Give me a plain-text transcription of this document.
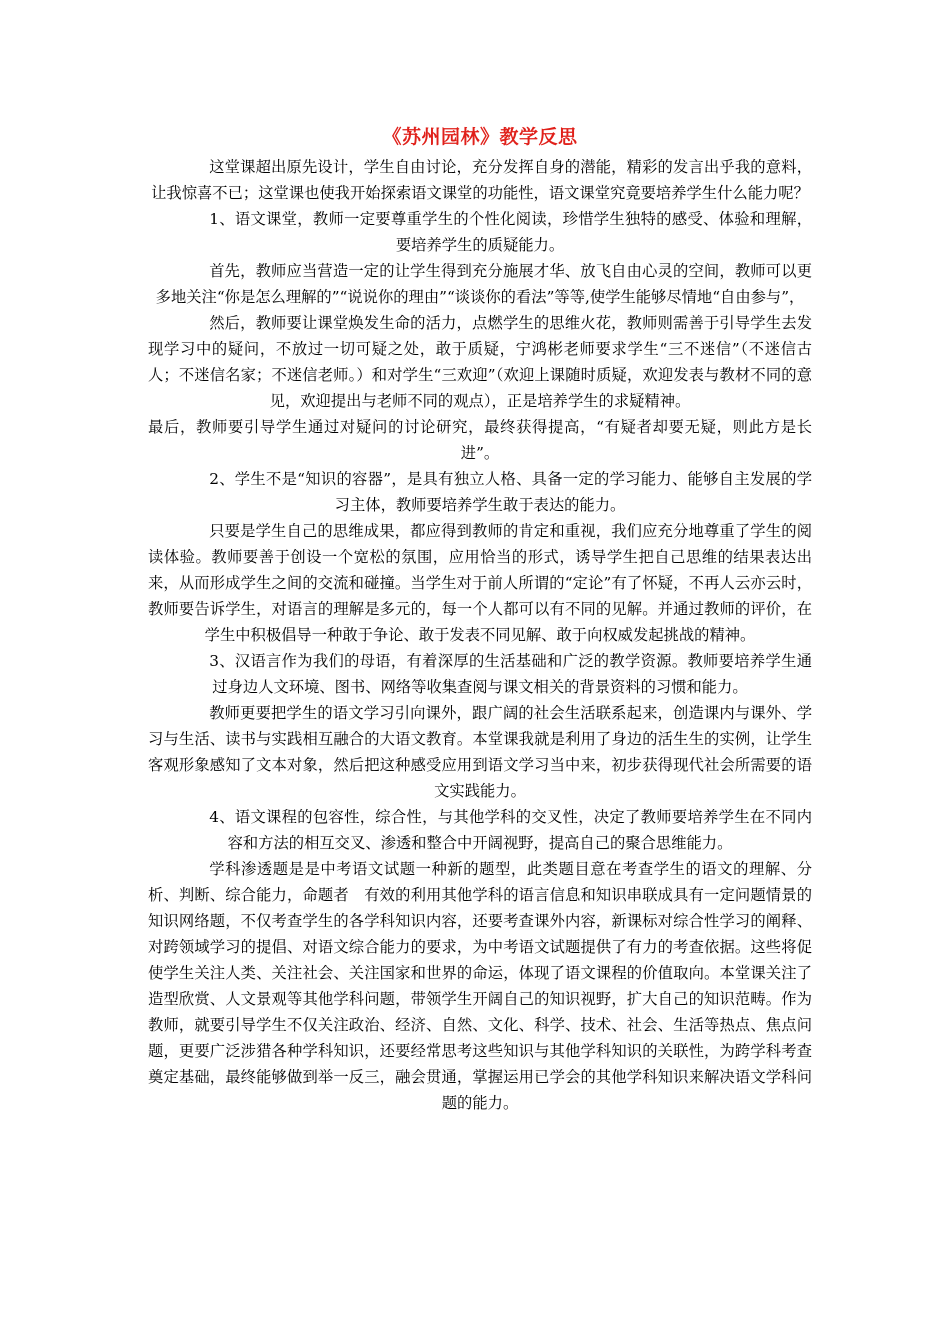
《苏州园林》教学反思

这堂课超出原先设计，学生自由讨论，充分发挥自身的潜能，精彩的发言出乎我的意料，让我惊喜不已；这堂课也使我开始探索语文课堂的功能性，语文课堂究竟要培养学生什么能力呢？

1、语文课堂，教师一定要尊重学生的个性化阅读，珍惜学生独特的感受、体验和理解，要培养学生的质疑能力。

首先，教师应当营造一定的让学生得到充分施展才华、放飞自由心灵的空间，教师可以更多地关注“你是怎么理解的”“说说你的理由”“谈谈你的看法”等等,使学生能够尽情地“自由参与”，

然后，教师要让课堂焕发生命的活力，点燃学生的思维火花，教师则需善于引导学生去发现学习中的疑问，不放过一切可疑之处，敢于质疑，宁鸿彬老师要求学生“三不迷信”（不迷信古人；不迷信名家；不迷信老师。）和对学生“三欢迎”（欢迎上课随时质疑，欢迎发表与教材不同的意见，欢迎提出与老师不同的观点），正是培养学生的求疑精神。

最后，教师要引导学生通过对疑问的讨论研究，最终获得提高，“有疑者却要无疑，则此方是长进”。

2、学生不是“知识的容器”，是具有独立人格、具备一定的学习能力、能够自主发展的学习主体，教师要培养学生敢于表达的能力。

只要是学生自己的思维成果，都应得到教师的肯定和重视，我们应充分地尊重了学生的阅读体验。教师要善于创设一个宽松的氛围，应用恰当的形式，诱导学生把自己思维的结果表达出来，从而形成学生之间的交流和碰撞。当学生对于前人所谓的“定论”有了怀疑，不再人云亦云时，教师要告诉学生，对语言的理解是多元的，每一个人都可以有不同的见解。并通过教师的评价，在学生中积极倡导一种敢于争论、敢于发表不同见解、敢于向权威发起挑战的精神。

3、汉语言作为我们的母语，有着深厚的生活基础和广泛的教学资源。教师要培养学生通过身边人文环境、图书、网络等收集查阅与课文相关的背景资料的习惯和能力。

教师更要把学生的语文学习引向课外，跟广阔的社会生活联系起来，创造课内与课外、学习与生活、读书与实践相互融合的大语文教育。本堂课我就是利用了身边的活生生的实例，让学生客观形象感知了文本对象，然后把这种感受应用到语文学习当中来，初步获得现代社会所需要的语文实践能力。

4、语文课程的包容性，综合性，与其他学科的交叉性，决定了教师要培养学生在不同内容和方法的相互交叉、渗透和整合中开阔视野，提高自己的聚合思维能力。

学科渗透题是是中考语文试题一种新的题型，此类题目意在考查学生的语文的理解、分析、判断、综合能力，命题者　有效的利用其他学科的语言信息和知识串联成具有一定问题情景的知识网络题，不仅考查学生的各学科知识内容，还要考查课外内容，新课标对综合性学习的阐释、对跨领域学习的提倡、对语文综合能力的要求，为中考语文试题提供了有力的考查依据。这些将促使学生关注人类、关注社会、关注国家和世界的命运，体现了语文课程的价值取向。本堂课关注了造型欣赏、人文景观等其他学科问题，带领学生开阔自己的知识视野，扩大自己的知识范畴。作为教师，就要引导学生不仅关注政治、经济、自然、文化、科学、技术、社会、生活等热点、焦点问题，更要广泛涉猎各种学科知识，还要经常思考这些知识与其他学科知识的关联性，为跨学科考查奠定基础，最终能够做到举一反三，融会贯通，掌握运用已学会的其他学科知识来解决语文学科问题的能力。
